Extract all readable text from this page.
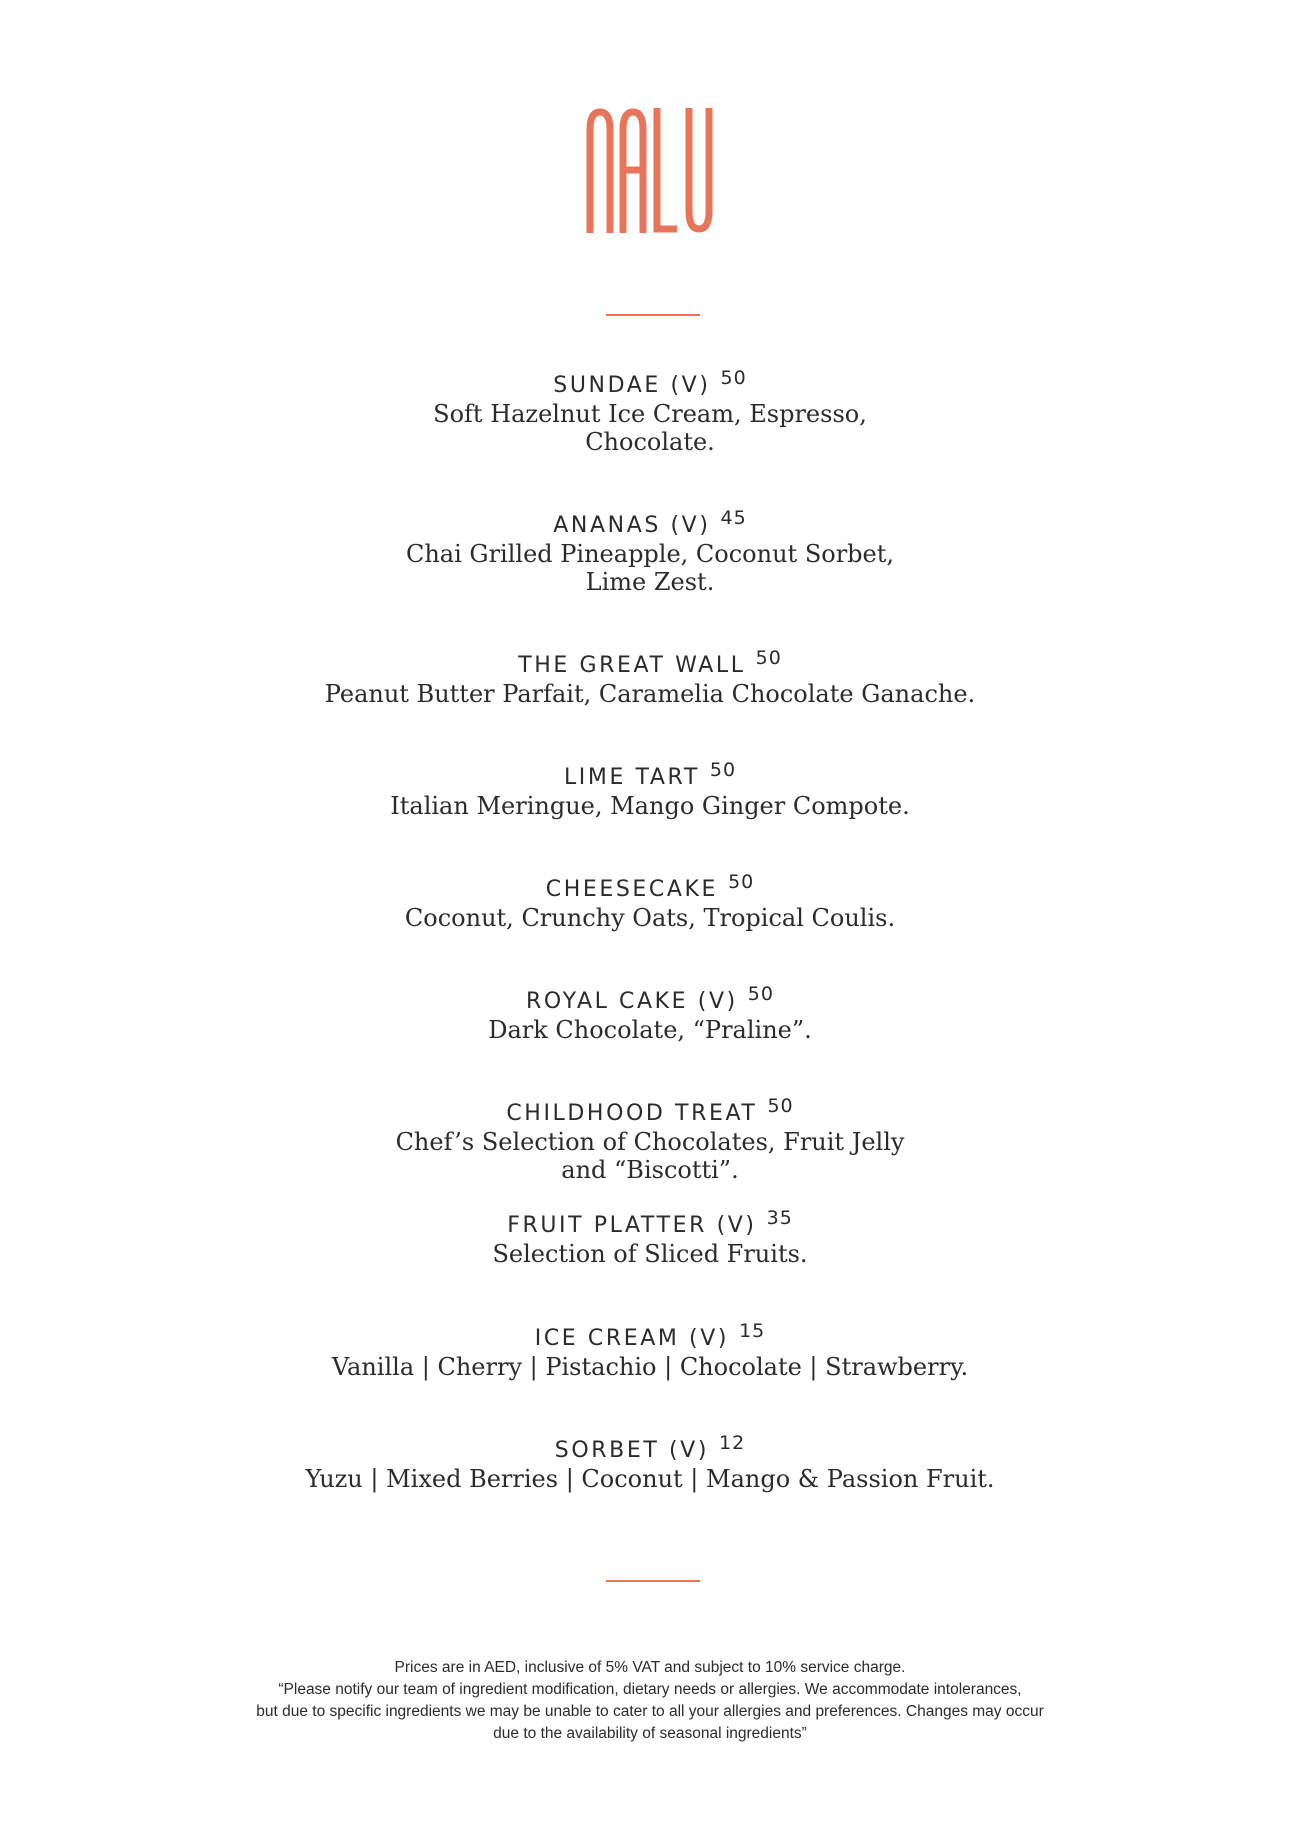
SUNDAE (V) 50
Soft Hazelnut Ice Cream, Espresso,
Chocolate.
ANANAS (V) 45
Chai Grilled Pineapple, Coconut Sorbet,
Lime Zest.
THE GREAT WALL 50
Peanut Butter Parfait, Caramelia Chocolate Ganache.
LIME TART 50
Italian Meringue, Mango Ginger Compote.
CHEESECAKE 50
Coconut, Crunchy Oats, Tropical Coulis.
ROYAL CAKE (V) 50
Dark Chocolate, “Praline”.
CHILDHOOD TREAT 50
Chef’s Selection of Chocolates, Fruit Jelly
and “Biscotti”.
FRUIT PLATTER (V) 35
Selection of Sliced Fruits.
ICE CREAM (V) 15
Vanilla | Cherry | Pistachio | Chocolate | Strawberry.
SORBET (V) 12
Yuzu | Mixed Berries | Coconut | Mango & Passion Fruit.
Prices are in AED, inclusive of 5% VAT and subject to 10% service charge.
“Please notify our team of ingredient modification, dietary needs or allergies. We accommodate intolerances,
but due to specific ingredients we may be unable to cater to all your allergies and preferences. Changes may occur
due to the availability of seasonal ingredients”
